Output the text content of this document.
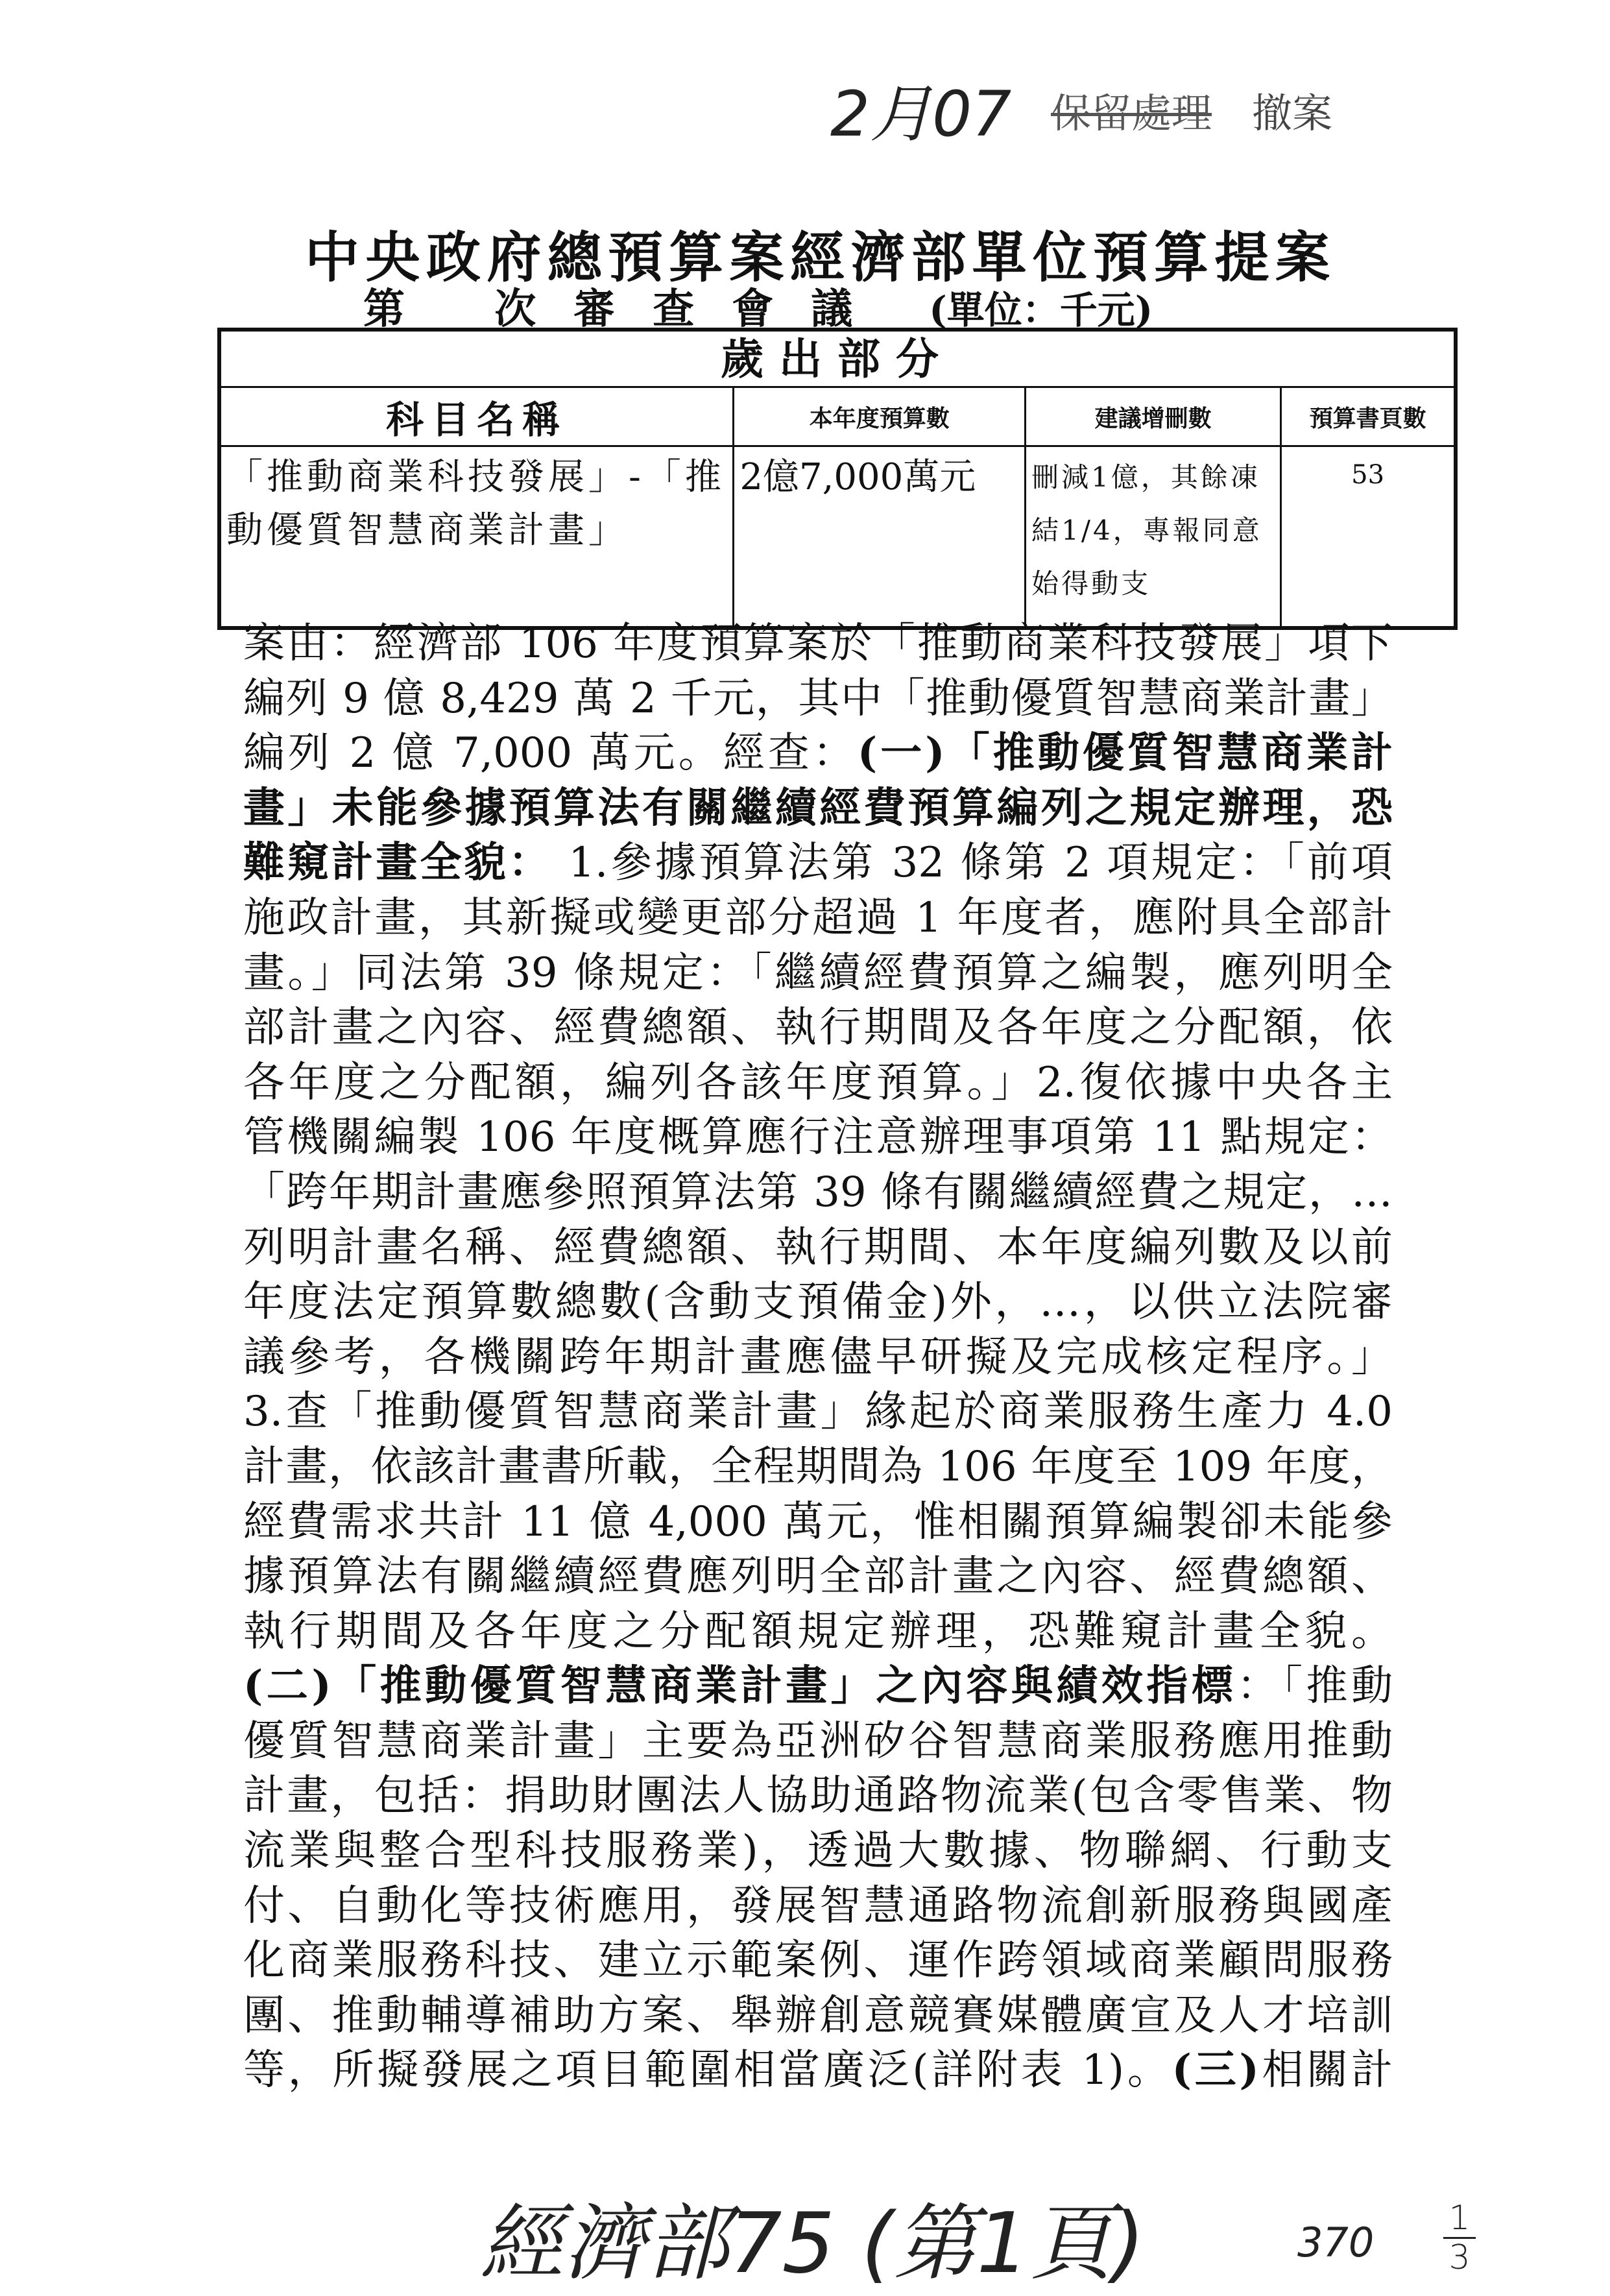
2月07 保留處理 撤案
中央政府總預算案經濟部單位預算提案
第 次審查會議 (單位：千元)
歲出部分			
科目名稱	本年度預算數	建議增刪數	預算書頁數
「推動商業科技發展」-「推動優質智慧商業計畫」	2億7,000萬元	刪減1億，其餘凍結1/4，專報同意始得動支	53
案由：經濟部 106 年度預算案於「推動商業科技發展」項下
編列 9 億 8,429 萬 2 千元，其中「推動優質智慧商業計畫」
編列 2 億 7,000 萬元。經查：(一)「推動優質智慧商業計
畫」未能參據預算法有關繼續經費預算編列之規定辦理，恐
難窺計畫全貌： 1.參據預算法第 32 條第 2 項規定：「前項
施政計畫，其新擬或變更部分超過 1 年度者，應附具全部計
畫。」同法第 39 條規定：「繼續經費預算之編製，應列明全
部計畫之內容、經費總額、執行期間及各年度之分配額，依
各年度之分配額，編列各該年度預算。」2.復依據中央各主
管機關編製 106 年度概算應行注意辦理事項第 11 點規定：
「跨年期計畫應參照預算法第 39 條有關繼續經費之規定，…
列明計畫名稱、經費總額、執行期間、本年度編列數及以前
年度法定預算數總數(含動支預備金)外，…，以供立法院審
議參考，各機關跨年期計畫應儘早研擬及完成核定程序。」
3.查「推動優質智慧商業計畫」緣起於商業服務生產力 4.0
計畫，依該計畫書所載，全程期間為 106 年度至 109 年度，
經費需求共計 11 億 4,000 萬元，惟相關預算編製卻未能參
據預算法有關繼續經費應列明全部計畫之內容、經費總額、
執行期間及各年度之分配額規定辦理，恐難窺計畫全貌。
(二)「推動優質智慧商業計畫」之內容與績效指標：「推動
優質智慧商業計畫」主要為亞洲矽谷智慧商業服務應用推動
計畫，包括：捐助財團法人協助通路物流業(包含零售業、物
流業與整合型科技服務業)，透過大數據、物聯網、行動支
付、自動化等技術應用，發展智慧通路物流創新服務與國產
化商業服務科技、建立示範案例、運作跨領域商業顧問服務
團、推動輔導補助方案、舉辦創意競賽媒體廣宣及人才培訓
等，所擬發展之項目範圍相當廣泛(詳附表 1)。(三)相關計
經濟部75 (第1頁)	370
1
3
